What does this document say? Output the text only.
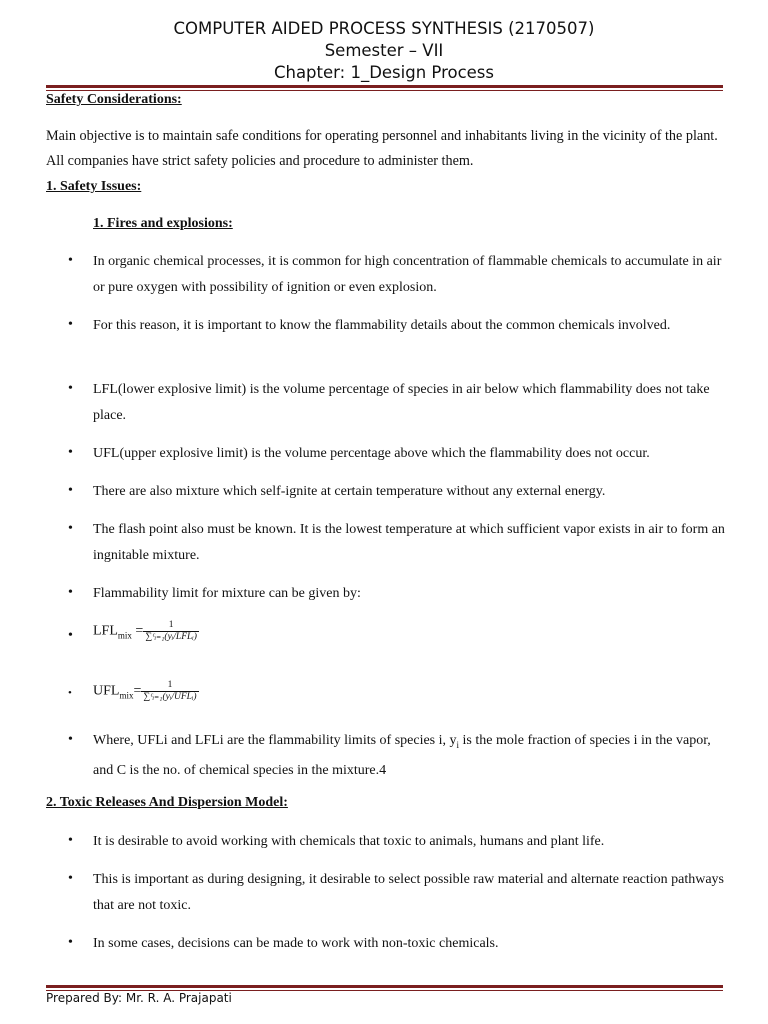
COMPUTER AIDED PROCESS SYNTHESIS (2170507)
Semester – VII
Chapter: 1_Design Process
Safety Considerations:
Main objective is to maintain safe conditions for operating personnel and inhabitants living in the vicinity of the plant. All companies have strict safety policies and procedure to administer them.
1. Safety Issues:
1. Fires and explosions:
• In organic chemical processes, it is common for high concentration of flammable chemicals to accumulate in air or pure oxygen with possibility of ignition or even explosion.
• For this reason, it is important to know the flammability details about the common chemicals involved.
• LFL(lower explosive limit) is the volume percentage of species in air below which flammability does not take place.
• UFL(upper explosive limit) is the volume percentage above which the flammability does not occur.
• There are also mixture which self-ignite at certain temperature without any external energy.
• The flash point also must be known. It is the lowest temperature at which sufficient vapor exists in air to form an ingnitable mixture.
• Flammability limit for mixture can be given by:
• $LFL_{mix} = \frac{1}{\text{∑ᶜᵢ₌₁(yᵢ/LFLᵢ)}}$
• $UFL_{mix}= \frac{1}{\text{∑ᶜᵢ₌₁(yᵢ/UFLᵢ)}}$
• Where, UFLi and LFLi are the flammability limits of species i, $y_i$ is the mole fraction of species i in the vapor, and C is the no. of chemical species in the mixture.4
2. Toxic Releases And Dispersion Model:
• It is desirable to avoid working with chemicals that toxic to animals, humans and plant life.
• This is important as during designing, it desirable to select possible raw material and alternate reaction pathways that are not toxic.
• In some cases, decisions can be made to work with non-toxic chemicals.
Prepared By: Mr. R. A. Prajapati
